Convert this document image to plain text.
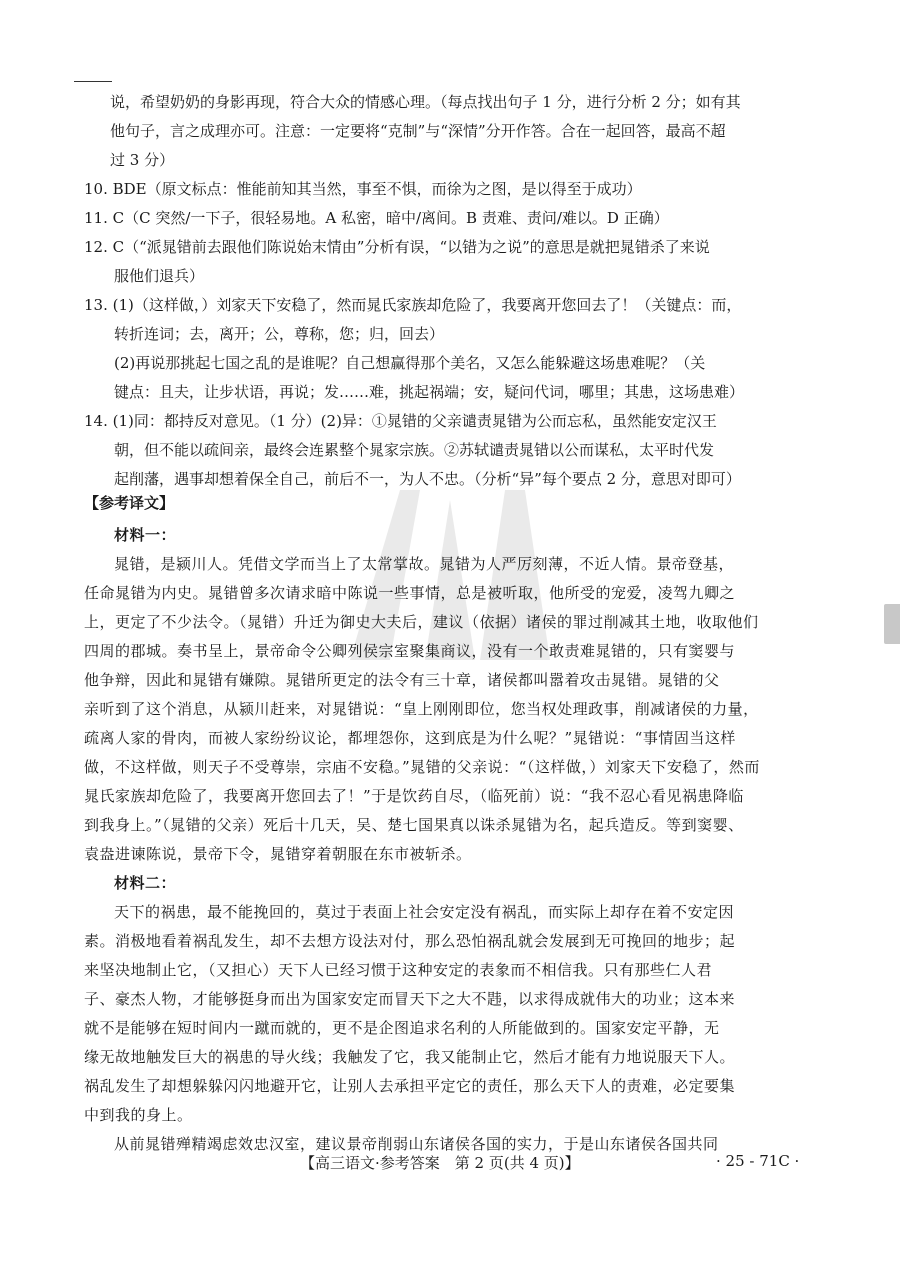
说，希望奶奶的身影再现，符合大众的情感心理。（每点找出句子 1 分，进行分析 2 分；如有其

他句子，言之成理亦可。注意：一定要将“克制”与“深情”分开作答。合在一起回答，最高不超

过 3 分）

10. BDE（原文标点：惟能前知其当然，事至不惧，而徐为之图，是以得至于成功）

11. C（C 突然/一下子，很轻易地。A 私密，暗中/离间。B 责难、责问/难以。D 正确）

12. C（“派晁错前去跟他们陈说始末情由”分析有误，“以错为之说”的意思是就把晁错杀了来说

服他们退兵）

13. (1)（这样做，）刘家天下安稳了，然而晁氏家族却危险了，我要离开您回去了！（关键点：而，

转折连词；去，离开；公，尊称，您；归，回去）

(2)再说那挑起七国之乱的是谁呢？自己想赢得那个美名，又怎么能躲避这场患难呢？（关

键点：且夫，让步状语，再说；发……难，挑起祸端；安，疑问代词，哪里；其患，这场患难）

14. (1)同：都持反对意见。（1 分）(2)异：①晁错的父亲谴责晁错为公而忘私，虽然能安定汉王

朝，但不能以疏间亲，最终会连累整个晁家宗族。②苏轼谴责晁错以公而谋私，太平时代发

起削藩，遇事却想着保全自己，前后不一，为人不忠。（分析“异”每个要点 2 分，意思对即可）

【参考译文】

材料一：

晁错，是颍川人。凭借文学而当上了太常掌故。晁错为人严厉刻薄，不近人情。景帝登基，

任命晁错为内史。晁错曾多次请求暗中陈说一些事情，总是被听取，他所受的宠爱，凌驾九卿之

上，更定了不少法令。（晁错）升迁为御史大夫后，建议（依据）诸侯的罪过削减其土地，收取他们

四周的郡城。奏书呈上，景帝命令公卿列侯宗室聚集商议，没有一个敢责难晁错的，只有窦婴与

他争辩，因此和晁错有嫌隙。晁错所更定的法令有三十章，诸侯都叫嚣着攻击晁错。晁错的父

亲听到了这个消息，从颍川赶来，对晁错说：“皇上刚刚即位，您当权处理政事，削减诸侯的力量，

疏离人家的骨肉，而被人家纷纷议论，都埋怨你，这到底是为什么呢？”晁错说：“事情固当这样

做，不这样做，则天子不受尊崇，宗庙不安稳。”晁错的父亲说：“（这样做，）刘家天下安稳了，然而

晁氏家族却危险了，我要离开您回去了！”于是饮药自尽，（临死前）说：“我不忍心看见祸患降临

到我身上。”（晁错的父亲）死后十几天，吴、楚七国果真以诛杀晁错为名，起兵造反。等到窦婴、

袁盎进谏陈说，景帝下令，晁错穿着朝服在东市被斩杀。

材料二：

天下的祸患，最不能挽回的，莫过于表面上社会安定没有祸乱，而实际上却存在着不安定因

素。消极地看着祸乱发生，却不去想方设法对付，那么恐怕祸乱就会发展到无可挽回的地步；起

来坚决地制止它，（又担心）天下人已经习惯于这种安定的表象而不相信我。只有那些仁人君

子、豪杰人物，才能够挺身而出为国家安定而冒天下之大不韪，以求得成就伟大的功业；这本来

就不是能够在短时间内一蹴而就的，更不是企图追求名利的人所能做到的。国家安定平静，无

缘无故地触发巨大的祸患的导火线；我触发了它，我又能制止它，然后才能有力地说服天下人。

祸乱发生了却想躲躲闪闪地避开它，让别人去承担平定它的责任，那么天下人的责难，必定要集

中到我的身上。

从前晁错殚精竭虑效忠汉室，建议景帝削弱山东诸侯各国的实力，于是山东诸侯各国共同

【高三语文·参考答案　第 2 页(共 4 页)】	· 25 - 71C ·
